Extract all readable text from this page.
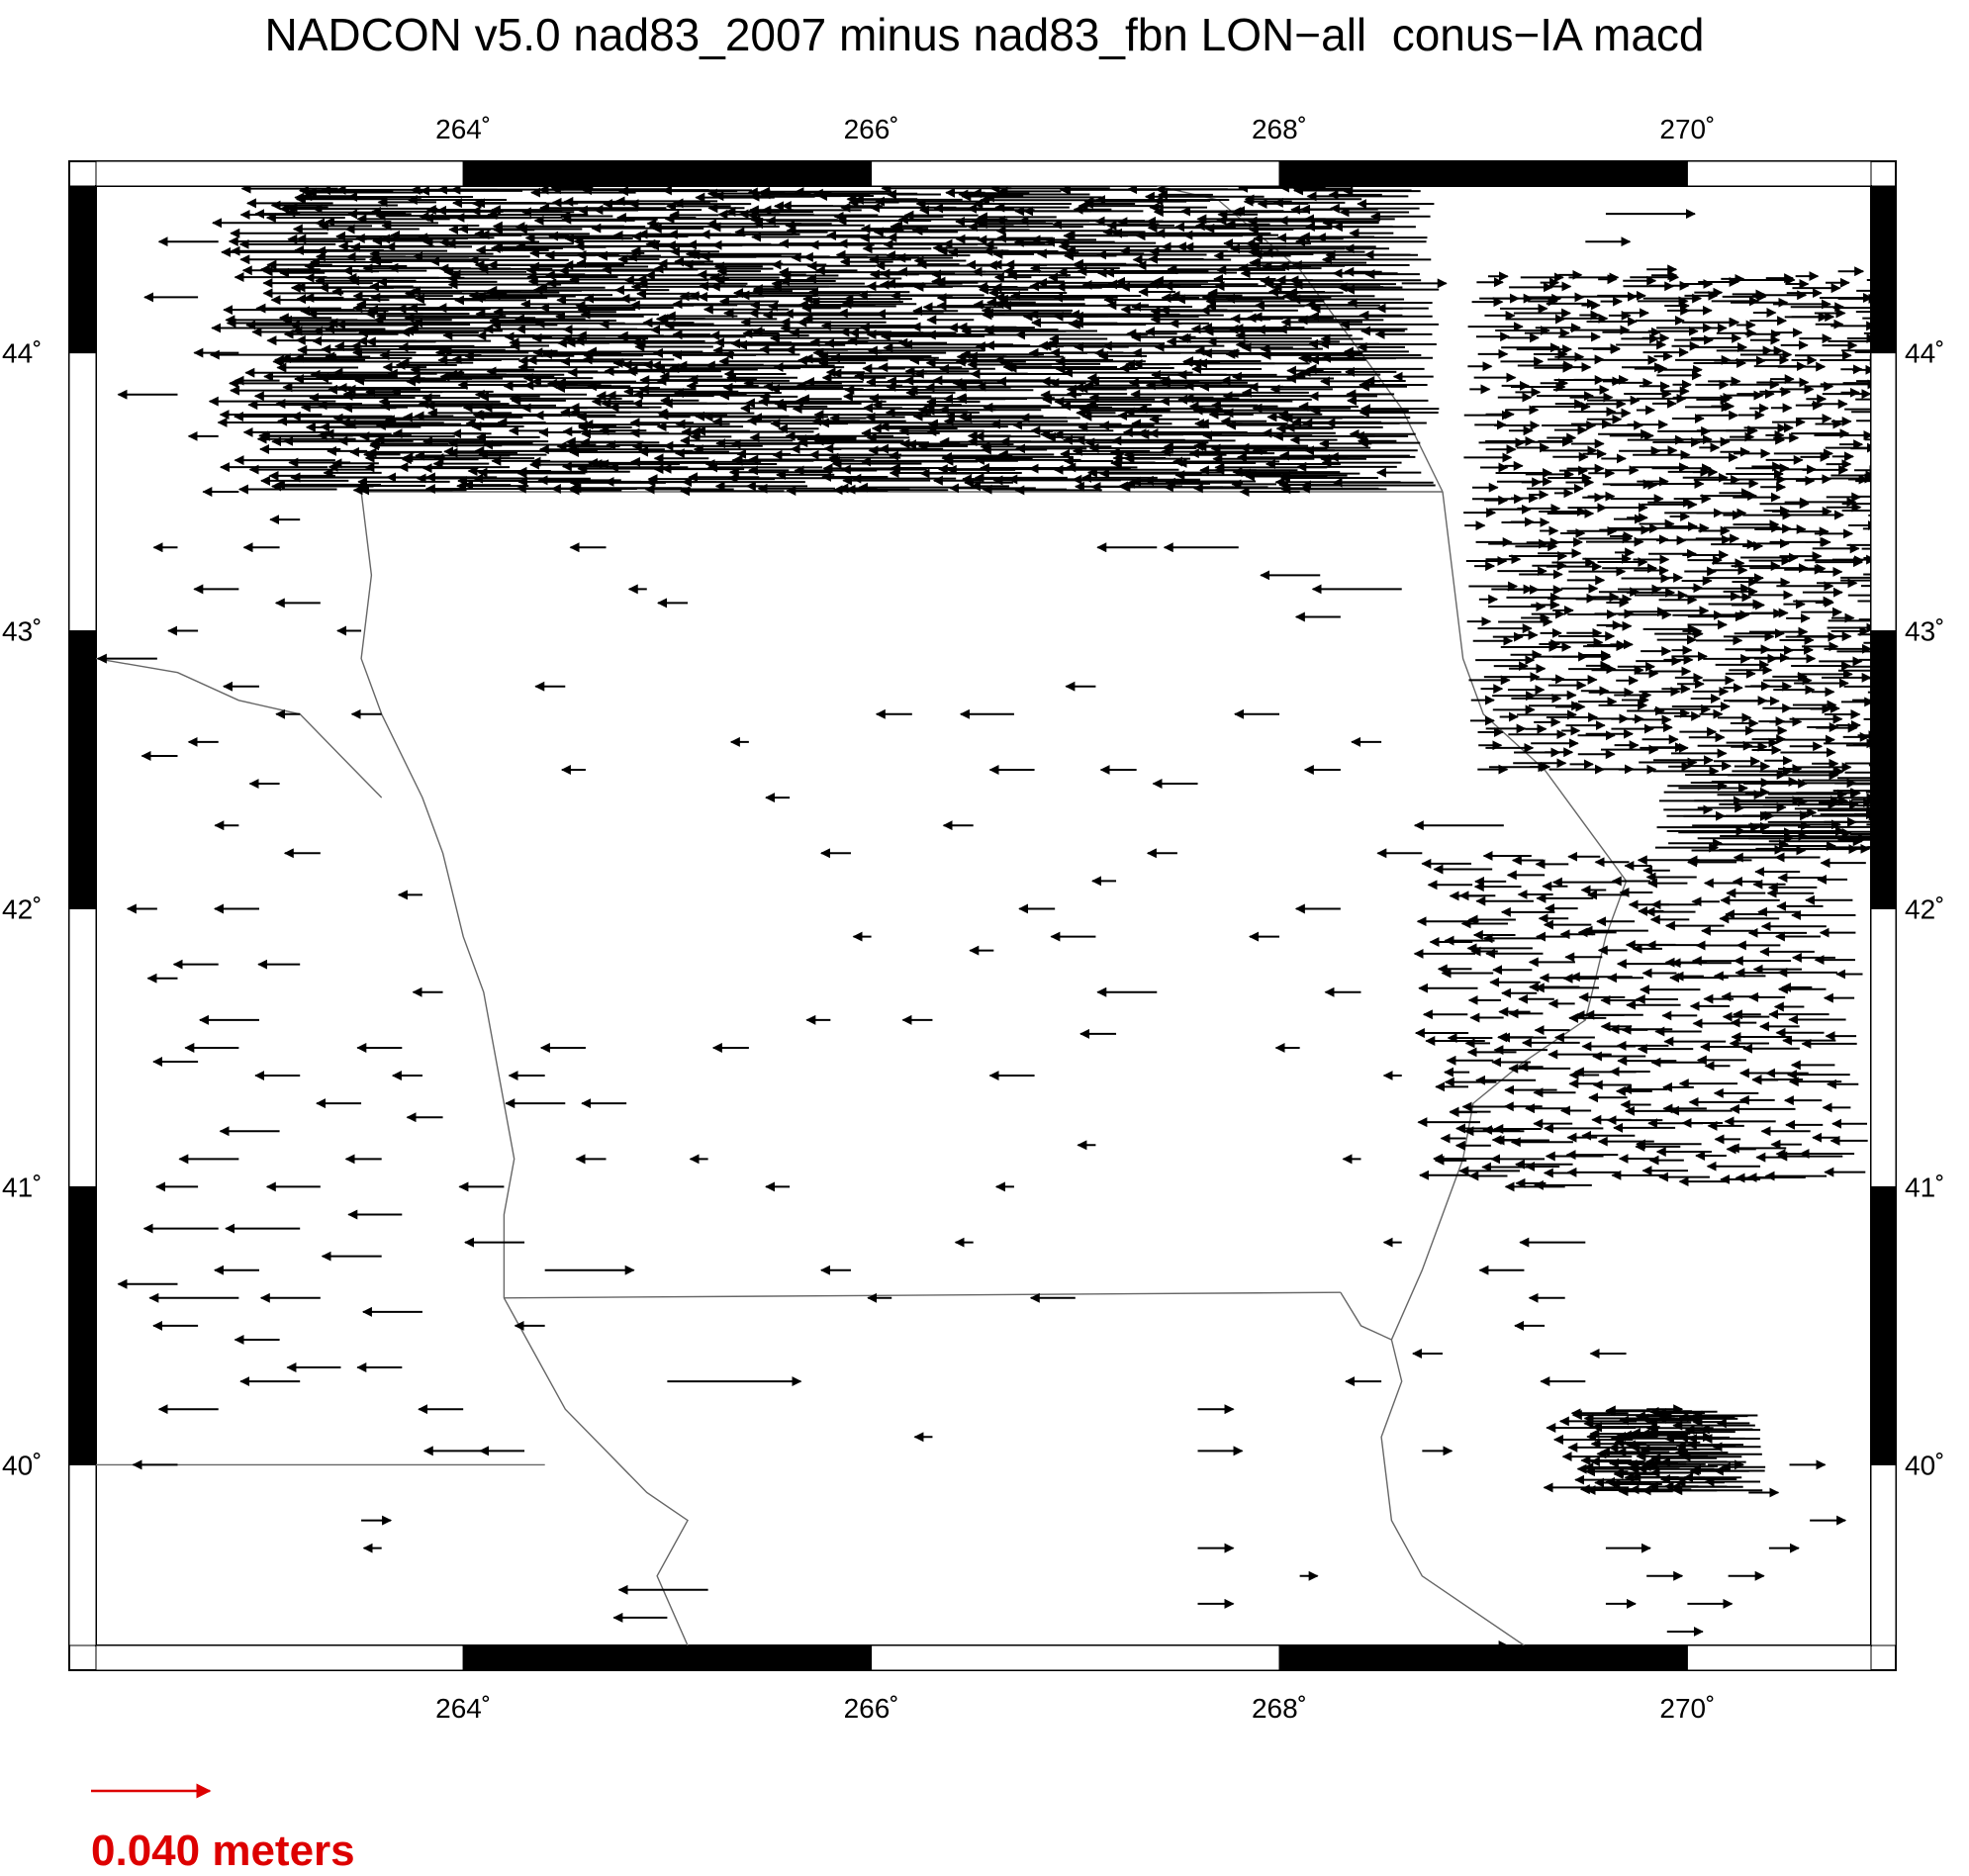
NADCON v5.0 nad83_2007 minus nad83_fbn LON−all  conus−IA macd
264˚
264˚
266˚
266˚
268˚
268˚
270˚
270˚
40˚	40˚
41˚	41˚
42˚	42˚
43˚	43˚
44˚	44˚
0.040 meters
